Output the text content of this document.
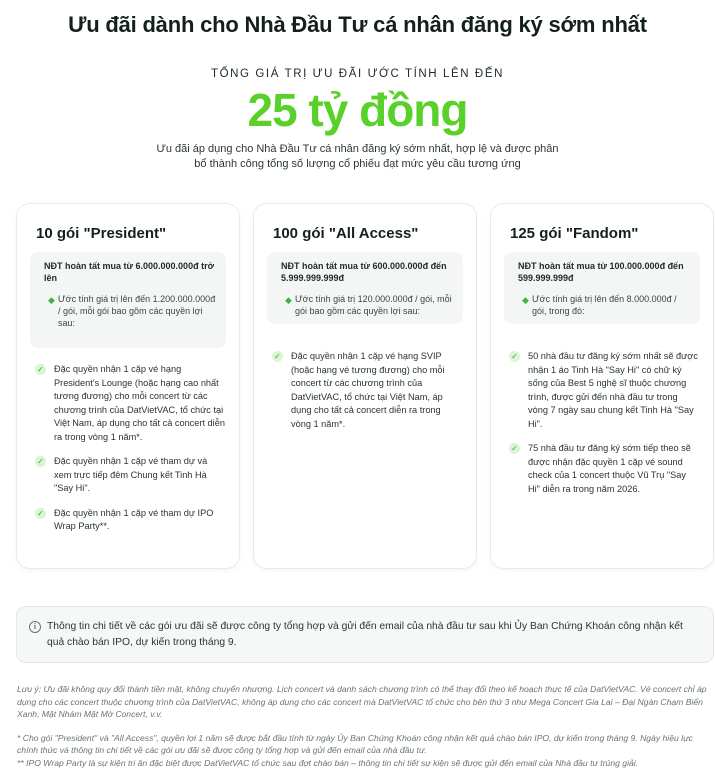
Ưu đãi dành cho Nhà Đầu Tư cá nhân đăng ký sớm nhất
TỔNG GIÁ TRỊ ƯU ĐÃI ƯỚC TÍNH LÊN ĐẾN
25 tỷ đồng
Ưu đãi áp dụng cho Nhà Đầu Tư cá nhân đăng ký sớm nhất, hợp lệ và được phân bổ thành công tổng số lượng cổ phiếu đạt mức yêu cầu tương ứng
10 gói "President"
NĐT hoàn tất mua từ 6.000.000.000đ trở lên
◆ Ước tính giá trị lên đến 1.200.000.000đ / gói, mỗi gói bao gồm các quyền lợi sau:
✓ Đặc quyền nhận 1 cặp vé hạng President's Lounge (hoặc hạng cao nhất tương đương) cho mỗi concert từ các chương trình của DatVietVAC, tổ chức tại Việt Nam, áp dụng cho tất cả concert diễn ra trong vòng 1 năm*.
✓ Đặc quyền nhận 1 cặp vé tham dự và xem trực tiếp đêm Chung kết Tinh Hà "Say Hi".
✓ Đặc quyền nhận 1 cặp vé tham dự IPO Wrap Party**.
100 gói "All Access"
NĐT hoàn tất mua từ 600.000.000đ đến 5.999.999.999đ
◆ Ước tính giá trị 120.000.000đ / gói, mỗi gói bao gồm các quyền lợi sau:
✓ Đặc quyền nhận 1 cặp vé hạng SVIP (hoặc hạng vé tương đương) cho mỗi concert từ các chương trình của DatVietVAC, tổ chức tại Việt Nam, áp dụng cho tất cả concert diễn ra trong vòng 1 năm*.
125 gói "Fandom"
NĐT hoàn tất mua từ 100.000.000đ đến 599.999.999đ
◆ Ước tính giá trị lên đến 8.000.000đ / gói, trong đó:
✓ 50 nhà đầu tư đăng ký sớm nhất sẽ được nhận 1 áo Tinh Hà "Say Hi" có chữ ký sống của Best 5 nghệ sĩ thuộc chương trình, được gửi đến nhà đầu tư trong vòng 7 ngày sau chung kết Tinh Hà "Say Hi".
✓ 75 nhà đầu tư đăng ký sớm tiếp theo sẽ được nhận đặc quyền 1 cặp vé sound check của 1 concert thuộc Vũ Trụ "Say Hi" diễn ra trong năm 2026.
i	Thông tin chi tiết về các gói ưu đãi sẽ được công ty tổng hợp và gửi đến email của nhà đầu tư sau khi Ủy Ban Chứng Khoán công nhận kết quả chào bán IPO, dự kiến trong tháng 9.

Lưu ý: Ưu đãi không quy đổi thành tiền mặt, không chuyển nhượng. Lịch concert và danh sách chương trình có thể thay đổi theo kế hoạch thực tế của DatVietVAC. Vé concert chỉ áp dụng cho các concert thuộc chương trình của DatVietVAC, không áp dụng cho các concert mà DatVietVAC tổ chức cho bên thứ 3 như Mega Concert Gia Lai – Đại Ngàn Chạm Biển Xanh, Mặt Nhám Mặt Mờ Concert, v.v.

* Cho gói "President" và "All Access", quyền lợi 1 năm sẽ được bắt đầu tính từ ngày Ủy Ban Chứng Khoán công nhận kết quả chào bán IPO, dự kiến trong tháng 9. Ngày hiệu lực chính thức và thông tin chi tiết về các gói ưu đãi sẽ được công ty tổng hợp và gửi đến email của nhà đầu tư.

** IPO Wrap Party là sự kiện tri ân đặc biệt được DatVietVAC tổ chức sau đợt chào bán – thông tin chi tiết sự kiện sẽ được gửi đến email của Nhà đầu tư trúng giải.
